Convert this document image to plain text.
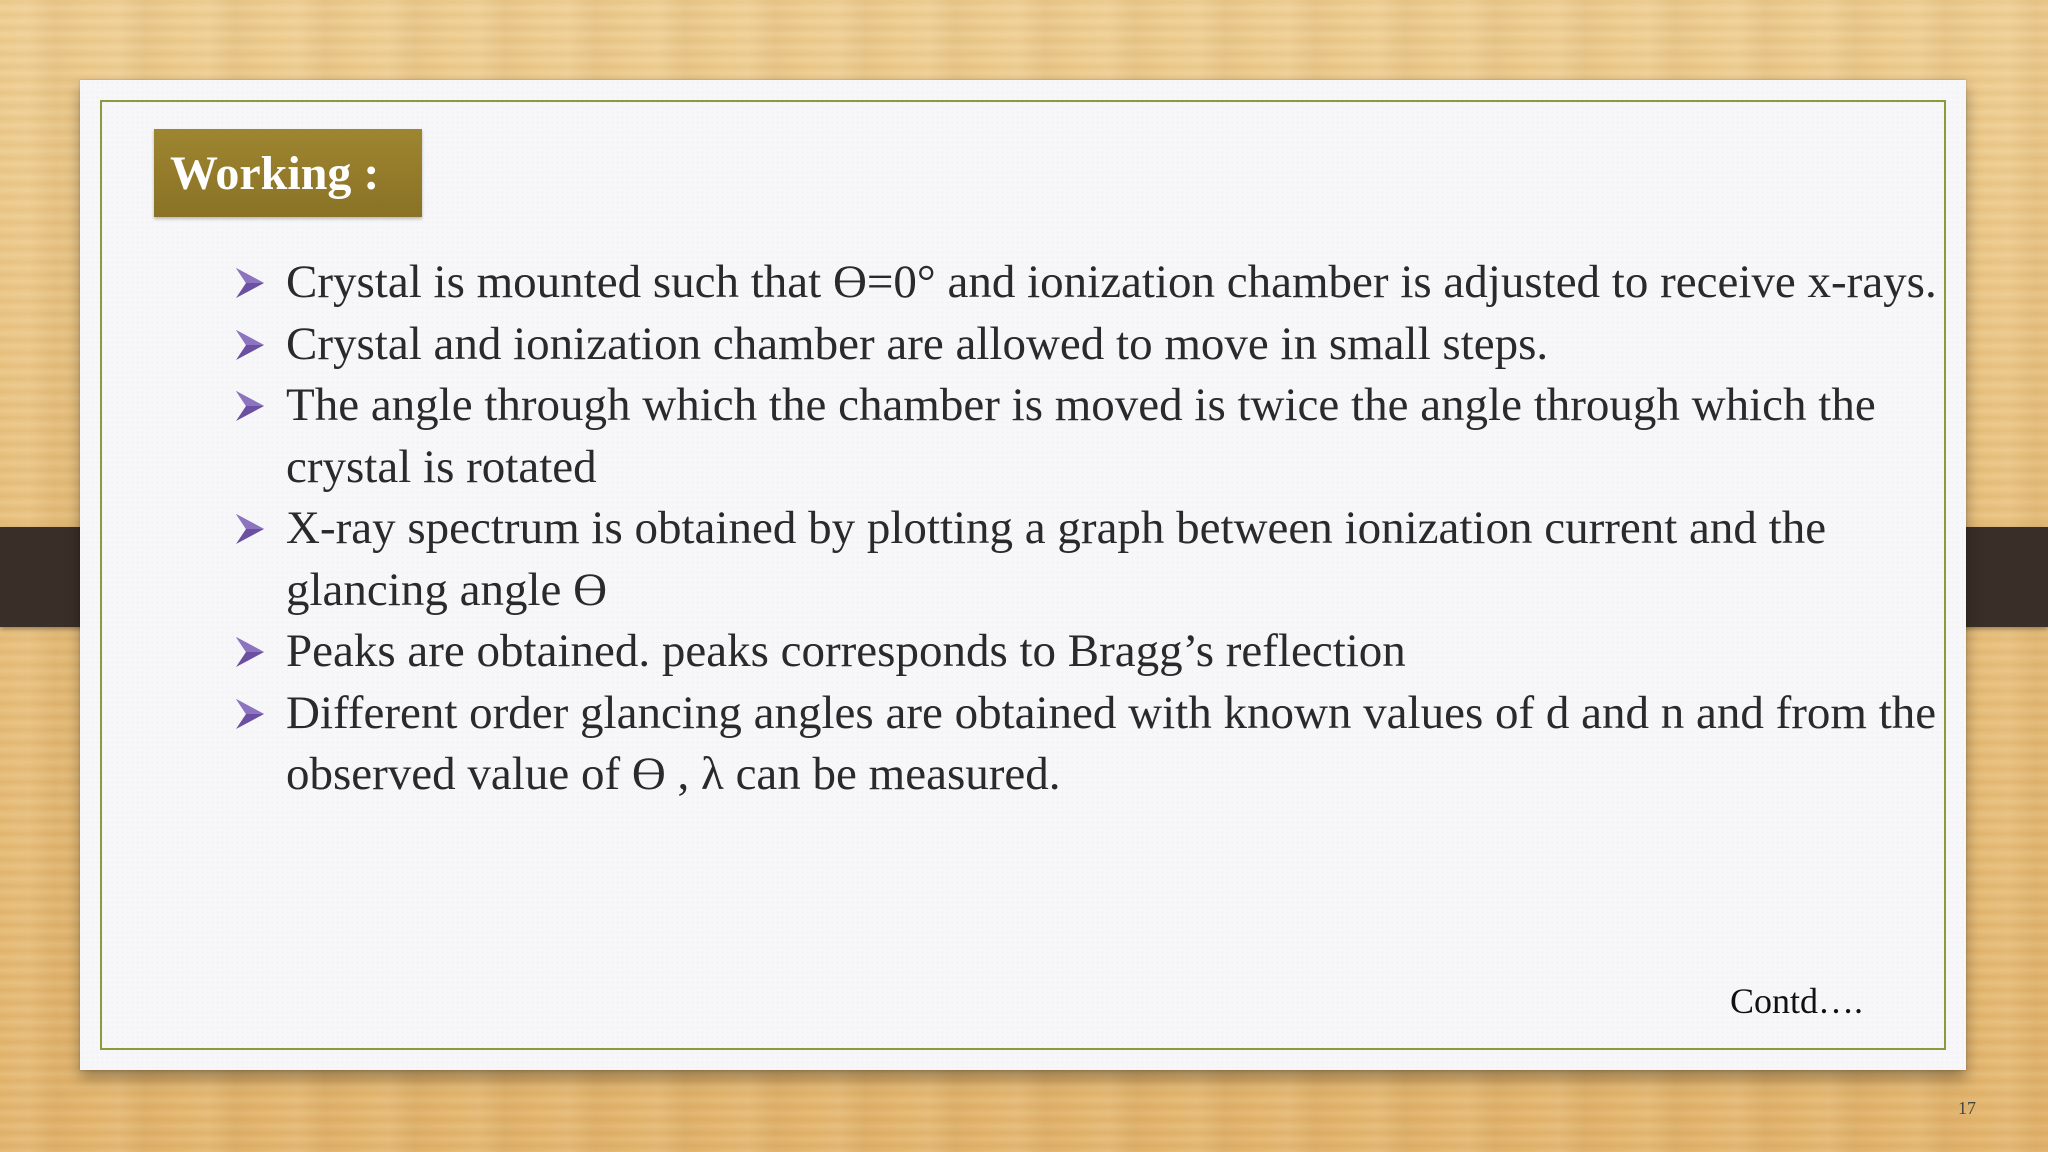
Working :
Crystal is mounted such that ϴ=0° and ionization chamber is adjusted to receive x-rays.
Crystal and ionization chamber are allowed to move in small steps.
The angle through which the chamber is moved is twice the angle through which the crystal is rotated
X-ray spectrum is obtained by plotting a graph between ionization current and the glancing angle ϴ
Peaks are obtained. peaks corresponds to Bragg’s reflection
Different order glancing angles are obtained with known values of d and n and from the observed value of ϴ , λ can be measured.
Contd….
17
